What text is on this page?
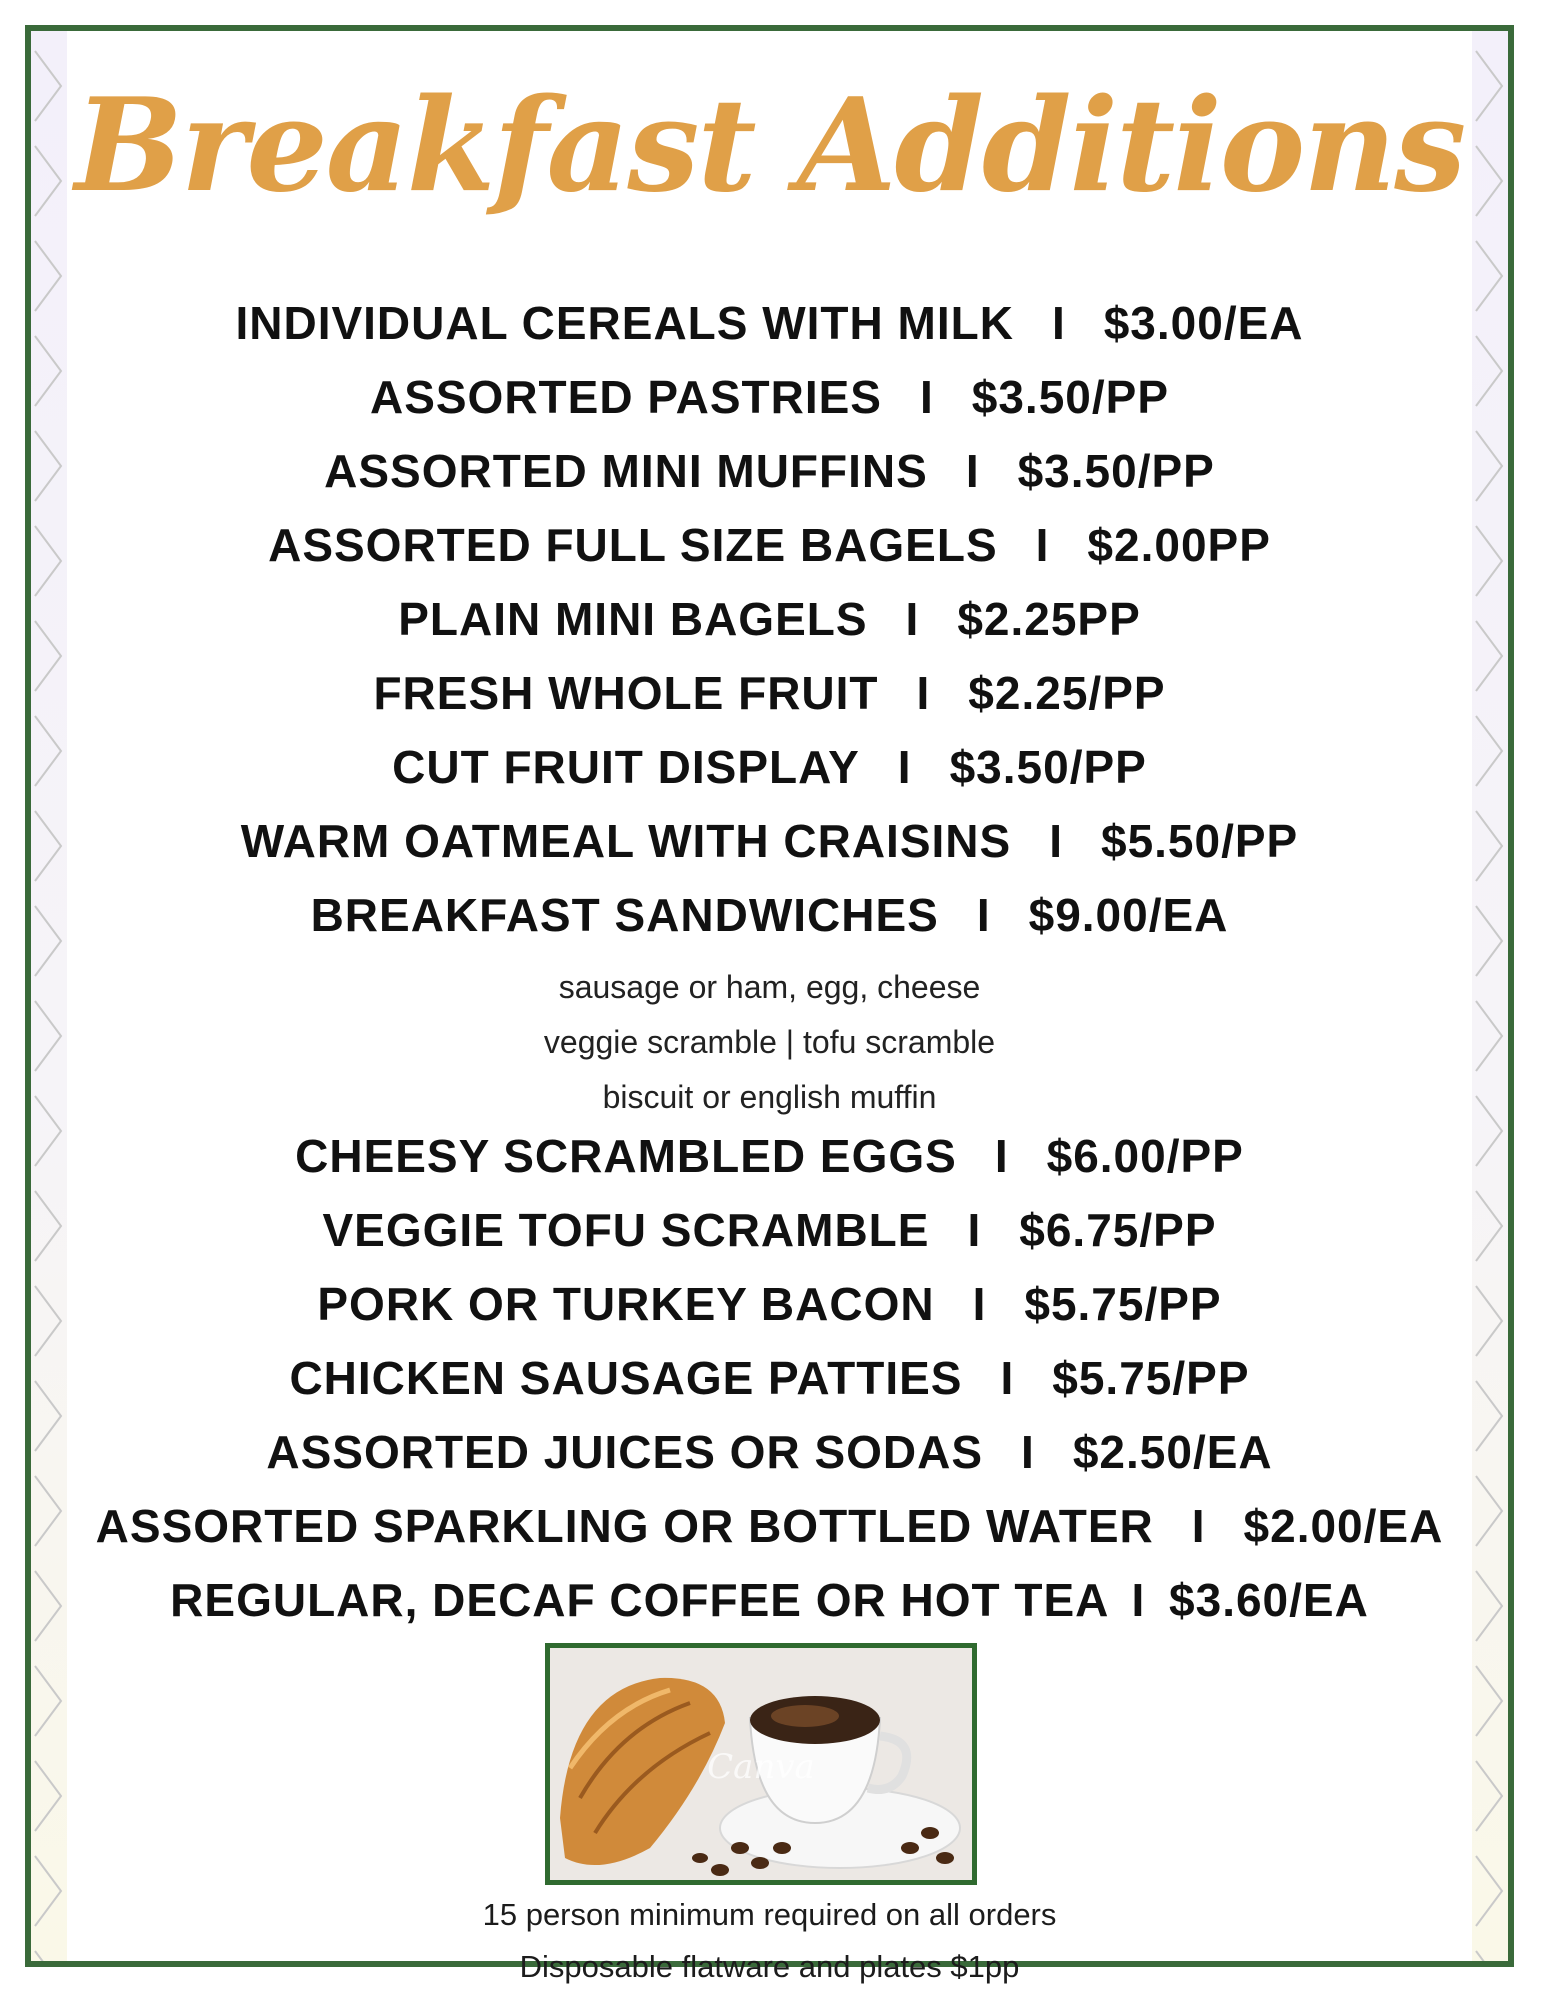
Breakfast Additions
INDIVIDUAL CEREALS WITH MILK I $3.00/EA
ASSORTED PASTRIES I $3.50/PP
ASSORTED MINI MUFFINS I $3.50/PP
ASSORTED FULL SIZE BAGELS I $2.00PP
PLAIN MINI BAGELS I $2.25PP
FRESH WHOLE FRUIT I $2.25/PP
CUT FRUIT DISPLAY I $3.50/PP
WARM OATMEAL WITH CRAISINS I $5.50/PP
BREAKFAST SANDWICHES I $9.00/EA
sausage or ham, egg, cheese
veggie scramble | tofu scramble
biscuit or english muffin
CHEESY SCRAMBLED EGGS I $6.00/PP
VEGGIE TOFU SCRAMBLE I $6.75/PP
PORK OR TURKEY BACON I $5.75/PP
CHICKEN SAUSAGE PATTIES I $5.75/PP
ASSORTED JUICES OR SODAS I $2.50/EA
ASSORTED SPARKLING OR BOTTLED WATER I $2.00/EA
REGULAR, DECAF COFFEE OR HOT TEA I $3.60/EA
Canva
15 person minimum required on all orders
Disposable flatware and plates $1pp
